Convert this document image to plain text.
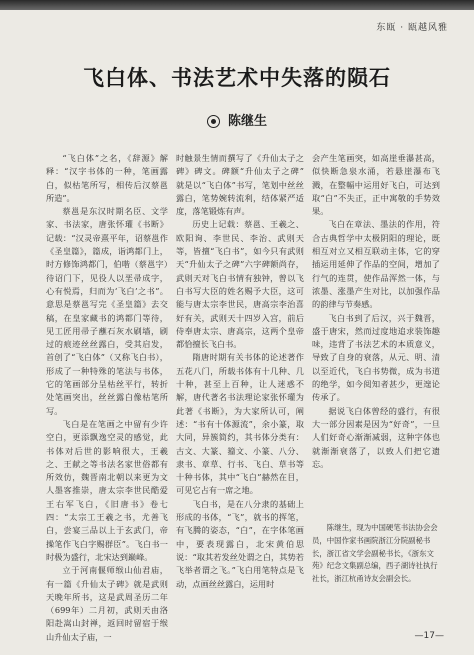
东瓯 · 瓯越风雅
飞白体、书法艺术中失落的陨石
陈继生

“飞白体”之名，《辞源》解释：“汉字书体的一种，笔画露白，似枯笔所写，相传后汉蔡邕所造”。

蔡邕是东汉时期名臣、文学家、书法家，唐张怀瓘《书断》记载：“汉灵帝熹平年，诏蔡邕作《圣皇篇》，篇成，诣鸿都门上，时方修饰鸿都门，伯喈（蔡邕字）待诏门下，见役人以垩帚成字，心有悦焉，归而为‘飞白’之书”。意思是蔡邕写完《圣皇篇》去交稿，在皇家藏书的鸿都门等待，见工匠用帚子蘸石灰水刷墙，刷过的痕迹丝丝露白，受其启发，首创了“飞白体”（又称飞白书），形成了一种特殊的笔法与书体，它的笔画部分呈枯丝平行，转折处笔画突出，丝丝露白像枯笔所写。

飞白是在笔画之中留有少许空白，更添飘逸空灵的感觉，此书体对后世的影响很大，王羲之、王献之等书法名家世俗都有所效仿，魏晋南北朝以来更为文人墨客推崇，唐太宗李世民酷爱王右军飞白，《旧唐书》卷七四：“太宗工王羲之书，尤善飞白，尝宴三品以上于玄武门，帝操笔作飞白字赐群臣”。飞白书一时极为盛行，北宋达到巅峰。

立于河南偃师缑山仙君庙，有一篇《升仙太子碑》就是武则天晚年所书，这是武周圣历二年（699年）二月初，武则天由洛阳赴嵩山封禅，返回时留宿于缑山升仙太子庙，一

时触景生情而撰写了《升仙太子之碑》碑文。碑额“升仙太子之碑”　就是以“飞白体”书写，笔划中丝丝露白，笔势婉转流利，结体紧严适度，落笔锻炼有声。

历史上记载：蔡邕、王羲之、欧阳询、李世民、李治、武则天等，皆擅“飞白书”，如今只有武则天“升仙太子之碑”六字碑额尚存，武则天对飞白书情有独钟，曾以飞白书写大臣的姓名赐予大臣，这可能与唐太宗李世民，唐高宗李治喜好有关，武则天十四岁入宫，前后侍奉唐太宗、唐高宗，这两个皇帝都恰擅长飞白书。

隋唐时期有关书体的论述著作五花八门，所载书体有十几种、几十种，甚至上百种，让人迷惑不解，唐代著名书法理论家张怀瓘为此著《书断》，为大家所认可，阐述：“书有十体源流”，余小篆，取大同，异簇简约，其书体分类有：古文、大篆、籀文、小篆、八分、隶书、章草、行书、飞白、草书等十种书体，其中“飞白”赫然在目，可见它占有一席之地。

飞白书，是在八分隶的基础上形成的书体，“飞”，就书的挥笔，有飞腾的姿态，“白”，在字体笔画中，要表现露白，北宋黄伯思说：“取其若发丝处谓之白，其势若飞举者谓之飞。”飞白用笔特点是飞动，点画丝丝露白，运用时

会产生笔画突，如高崖垂瀑甚高，似快断急泉水涌，若悬崖瀑布飞溅，在整幅中运用好飞白，可达到取“白”不失正，正中寓敬的手势效果。

飞白在章法、墨法的作用，符合古典哲学中太极阴阳的理论，既相互对立又相互联动主体，它的穿插运用延伸了作品的空间，增加了行气的连贯，使作品浑然一体，与浓墨、涨墨产生对比，以加强作品的韵律与节奏感。

飞白书到了后汉，兴于魏晋，盛于唐宋，然而过度地追求装饰趣味，违背了书法艺术的本质意义，导致了自身的衰落，从元、明、清以至近代，飞白书势微，成为书道的绝学，如今阅知者甚少，更遑论传承了。

据说飞白体曾经的盛行，有很大一部分因素是因为“好奇”，一旦人们好奇心渐渐减弱，这种字体也就渐渐衰落了，以致人们把它遗忘。

陈继生，现为中国硬笔书法协会会员，中国作家书画院浙江分院副秘书长，浙江省文学会副秘书长，《浙东文苑》纪念文集副总编，西子湖诗社执行社长，浙江杭甬诗友会副会长。
—17—
